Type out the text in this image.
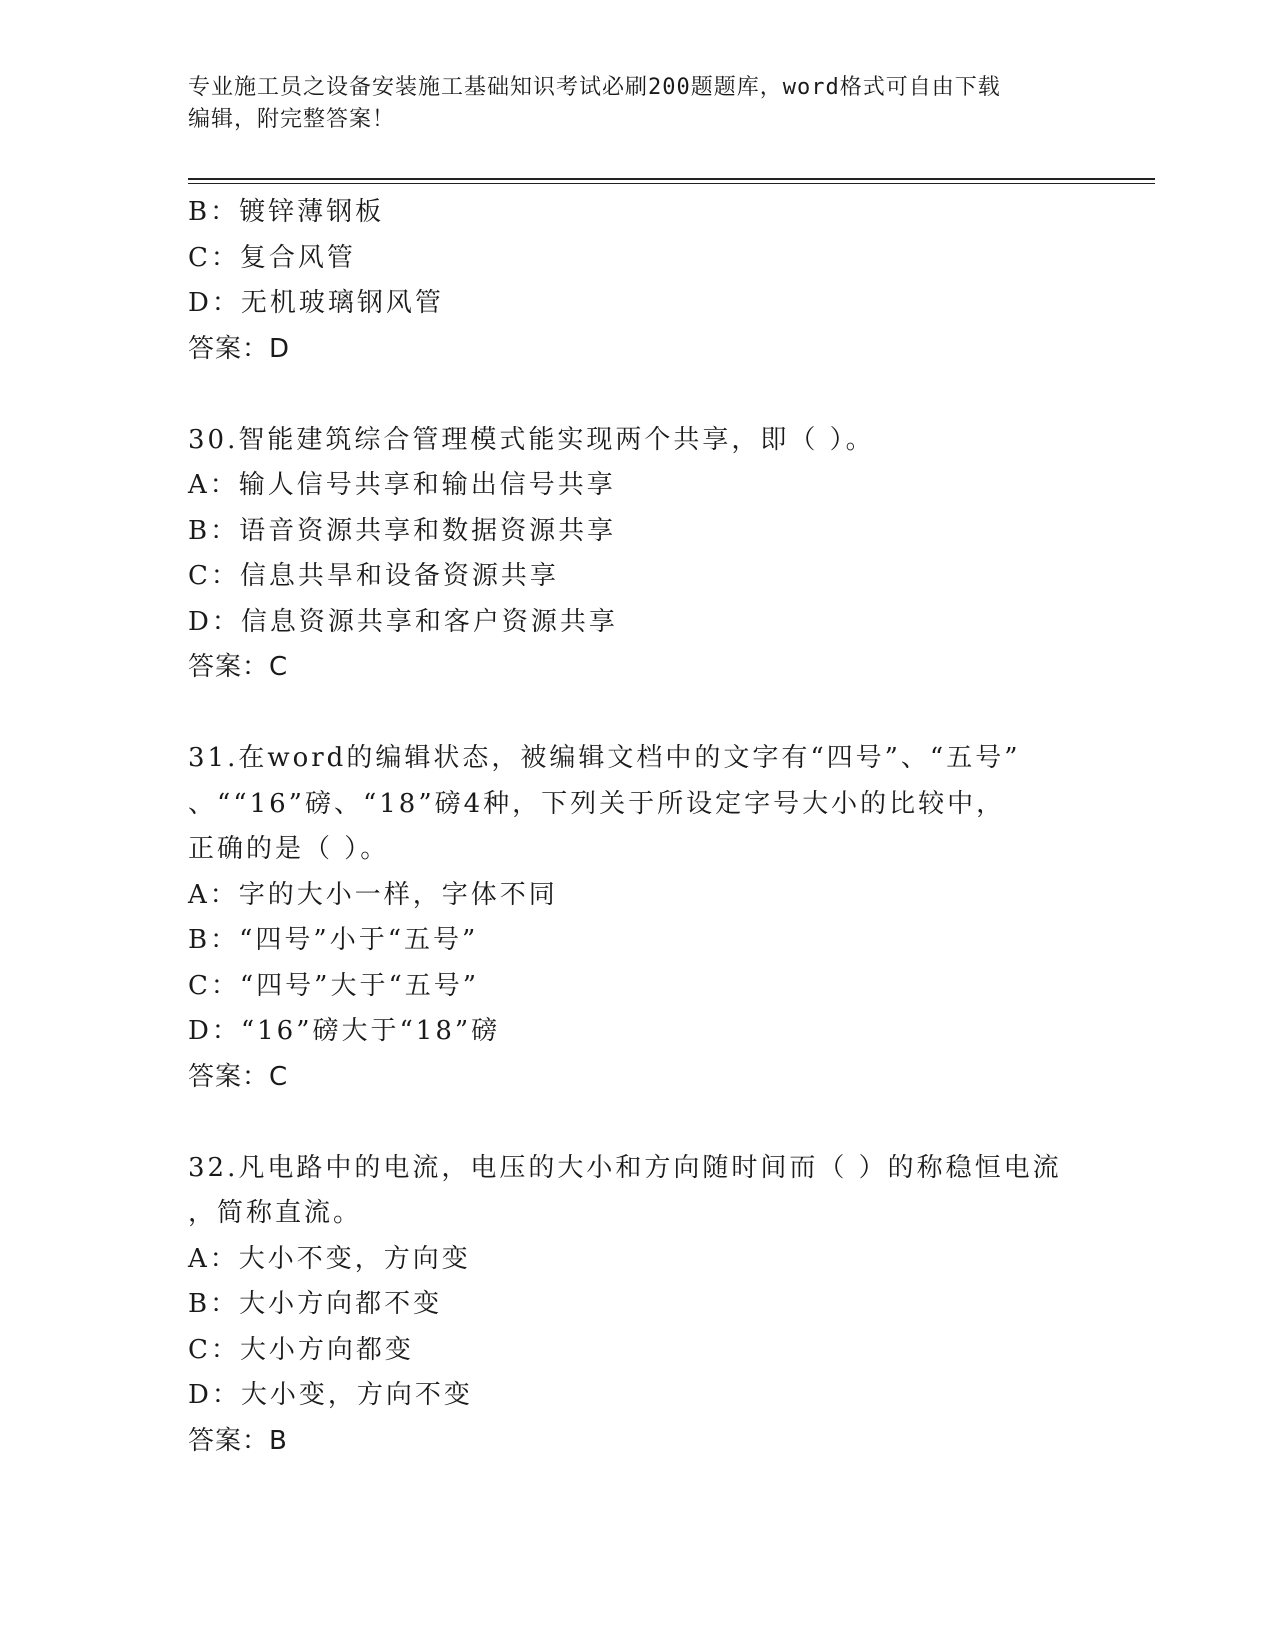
专业施工员之设备安装施工基础知识考试必刷200题题库，word格式可自由下载
编辑，附完整答案！
B：镀锌薄钢板
C：复合风管
D：无机玻璃钢风管
答案：D
30.智能建筑综合管理模式能实现两个共享，即（ ）。
A：输人信号共享和输出信号共享
B：语音资源共享和数据资源共享
C：信息共旱和设备资源共享
D：信息资源共享和客户资源共享
答案：C
31.在word的编辑状态，被编辑文档中的文字有“四号”、“五号”
、““16”磅、“18”磅4种，下列关于所设定字号大小的比较中，
正确的是（ ）。
A：字的大小一样，字体不同
B：“四号”小于“五号”
C：“四号”大于“五号”
D：“16”磅大于“18”磅
答案：C
32.凡电路中的电流，电压的大小和方向随时间而（ ）的称稳恒电流
，简称直流。
A：大小不变，方向变
B：大小方向都不变
C：大小方向都变
D：大小变，方向不变
答案：B
